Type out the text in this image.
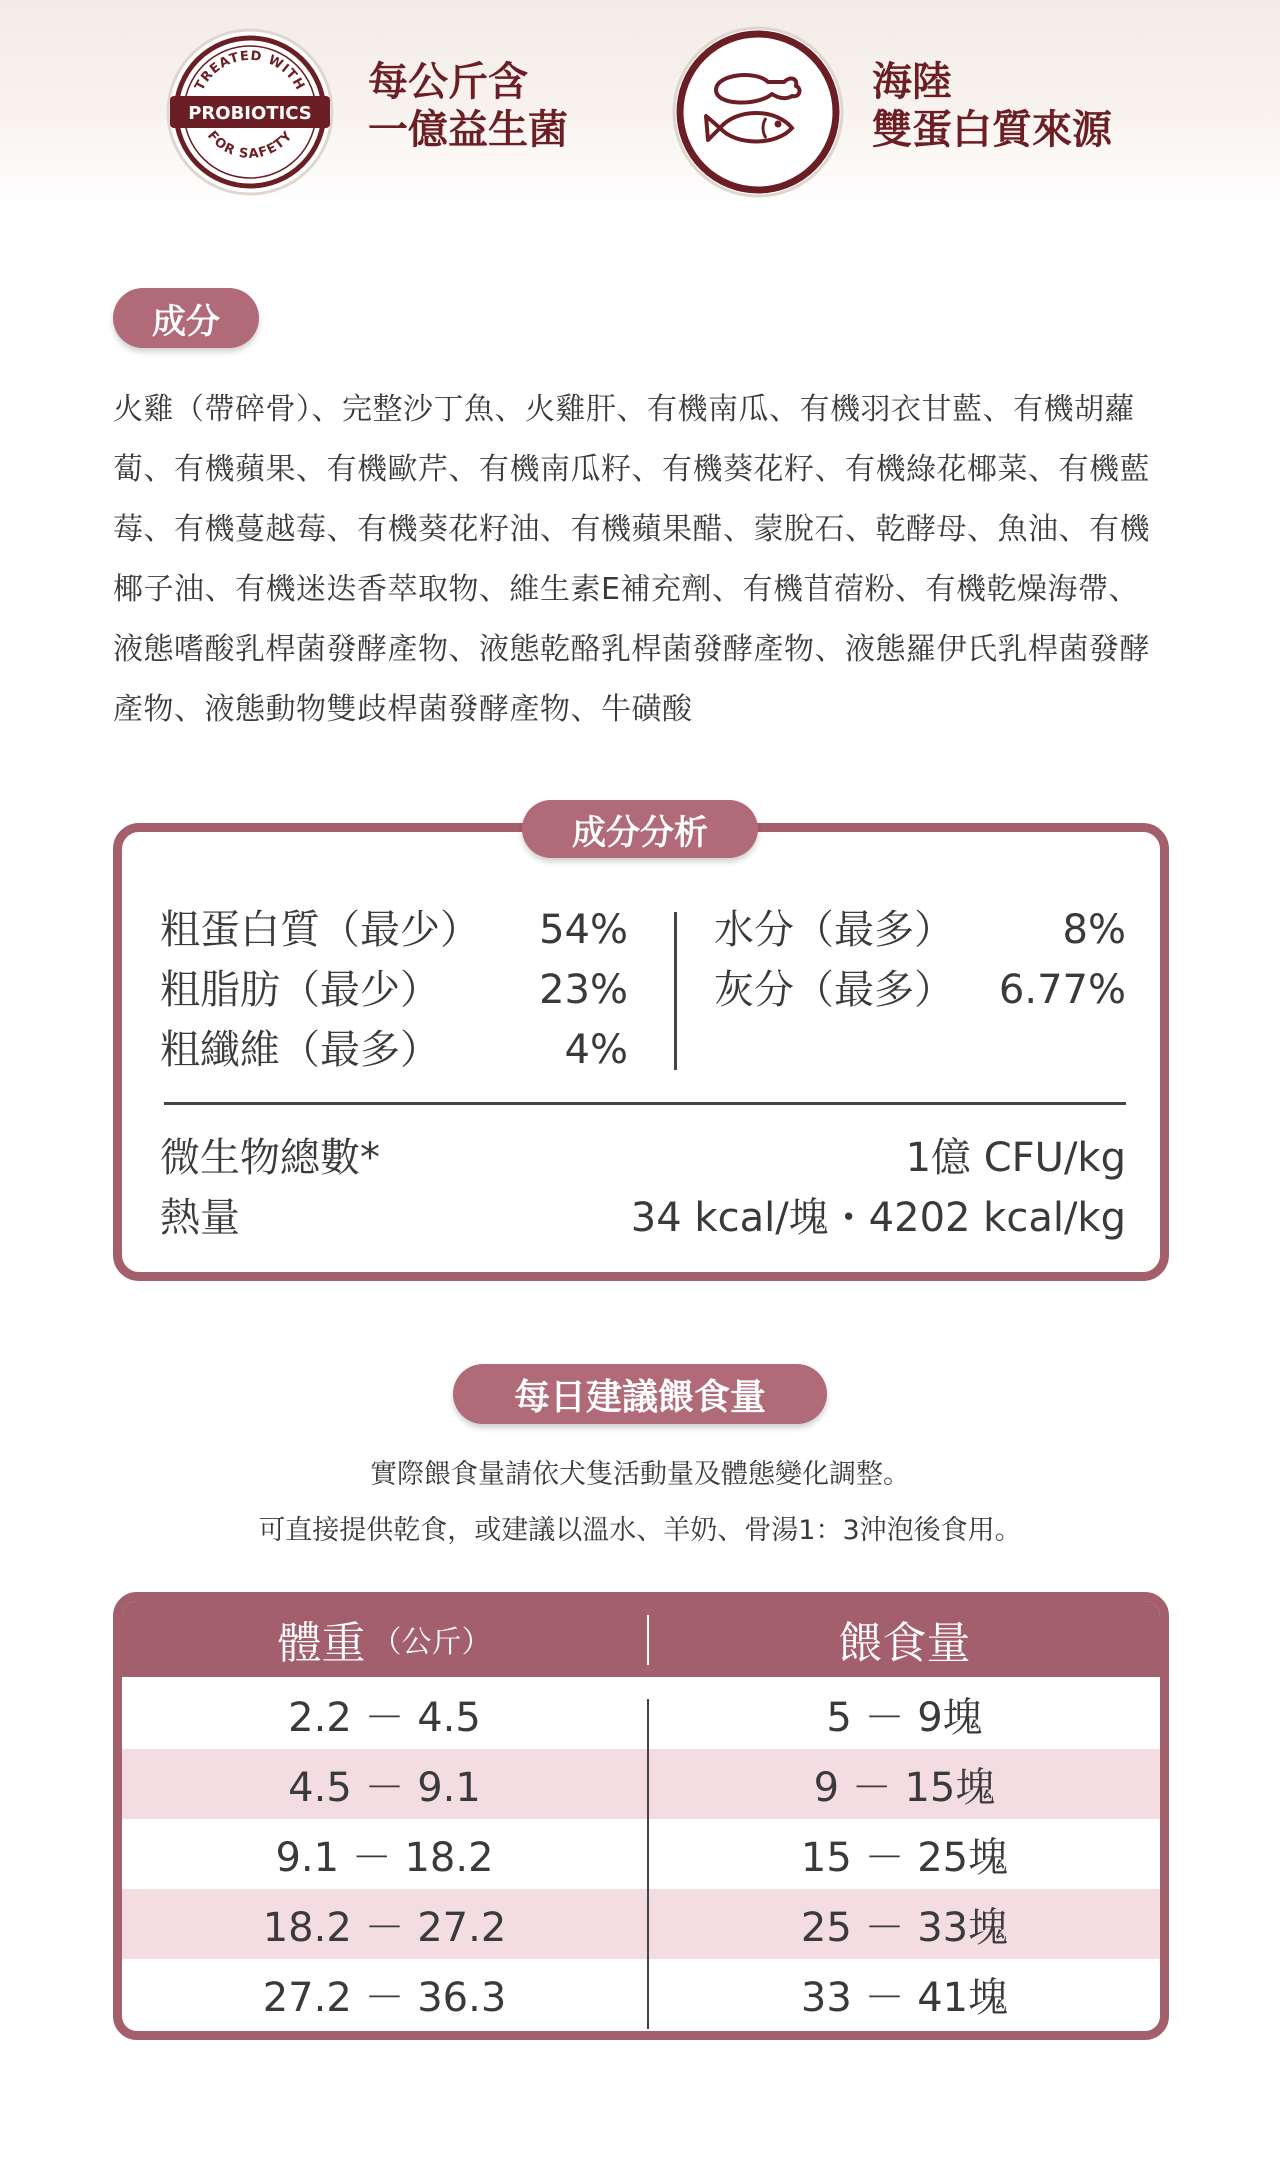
TREATED WITH
PROBIOTICS
FOR SAFETY
每公斤含
一億益生菌
海陸
雙蛋白質來源
成分

火雞（帶碎骨）、完整沙丁魚、火雞肝、有機南瓜、有機羽衣甘藍、有機胡蘿蔔、有機蘋果、有機歐芹、有機南瓜籽、有機葵花籽、有機綠花椰菜、有機藍莓、有機蔓越莓、有機葵花籽油、有機蘋果醋、蒙脫石、乾酵母、魚油、有機椰子油、有機迷迭香萃取物、維生素E補充劑、有機苜蓿粉、有機乾燥海帶、液態嗜酸乳桿菌發酵產物、液態乾酪乳桿菌發酵產物、液態羅伊氏乳桿菌發酵產物、液態動物雙歧桿菌發酵產物、牛磺酸

粗蛋白質（最少） 54%
粗脂肪（最少） 23%
粗纖維（最多）	4%
水分（最多）	8%
灰分（最多） 6.77%
微生物總數*	1億 CFU/kg
熱量	34 kcal/塊・4202 kcal/kg
成分分析
每日建議餵食量

實際餵食量請依犬隻活動量及體態變化調整。

可直接提供乾食，或建議以溫水、羊奶、骨湯1：3沖泡後食用。

體重 （公斤）	餵食量
2.2 － 4.5	5 － 9塊
4.5 － 9.1	9 － 15塊
9.1 － 18.2	15 － 25塊
18.2 － 27.2	25 － 33塊
27.2 － 36.3	33 － 41塊
